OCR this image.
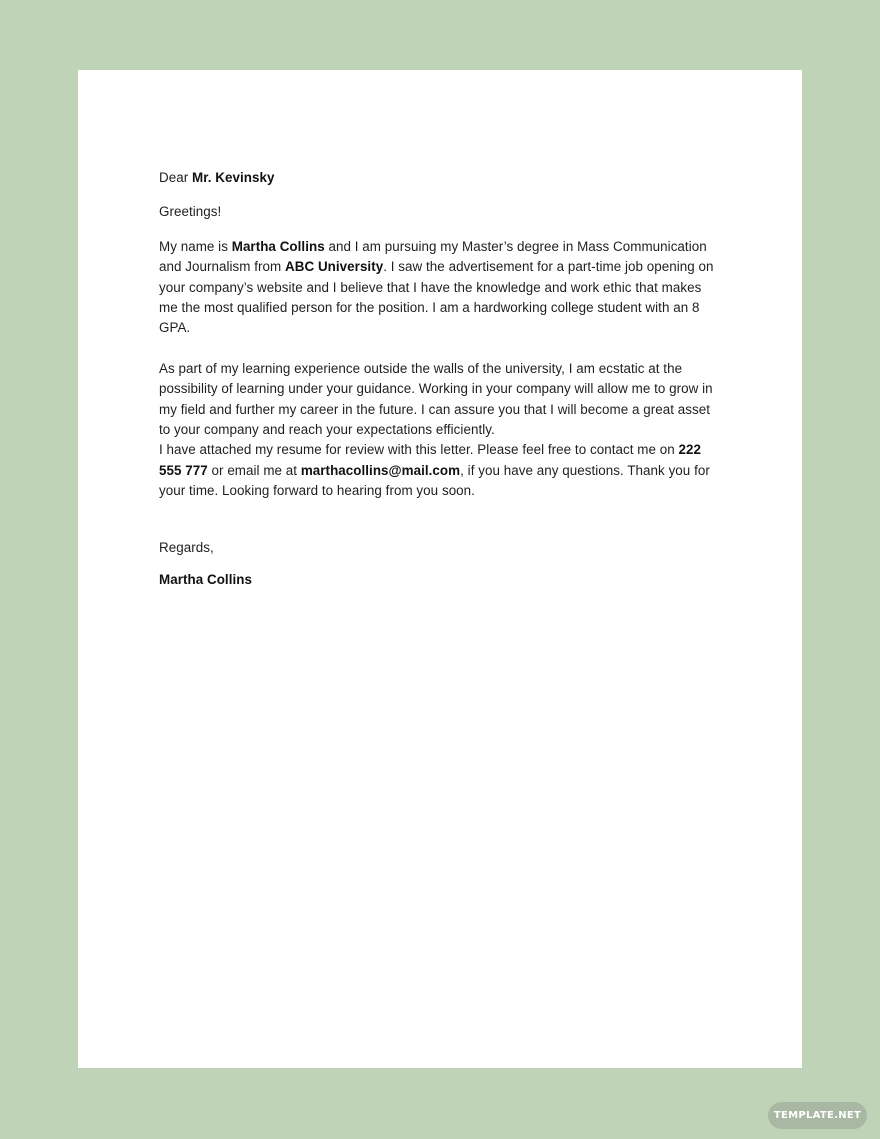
Dear Mr. Kevinsky

Greetings!

My name is Martha Collins and I am pursuing my Master’s degree in Mass Communication and Journalism from ABC University. I saw the advertisement for a part-time job opening on your company’s website and I believe that I have the knowledge and work ethic that makes me the most qualified person for the position. I am a hardworking college student with an 8 GPA.

As part of my learning experience outside the walls of the university, I am ecstatic at the possibility of learning under your guidance. Working in your company will allow me to grow in my field and further my career in the future. I can assure you that I will become a great asset to your company and reach your expectations efficiently.

I have attached my resume for review with this letter. Please feel free to contact me on 222 555 777 or email me at marthacollins@mail.com, if you have any questions. Thank you for your time. Looking forward to hearing from you soon.

Regards,

Martha Collins

TEMPLATE.NET
